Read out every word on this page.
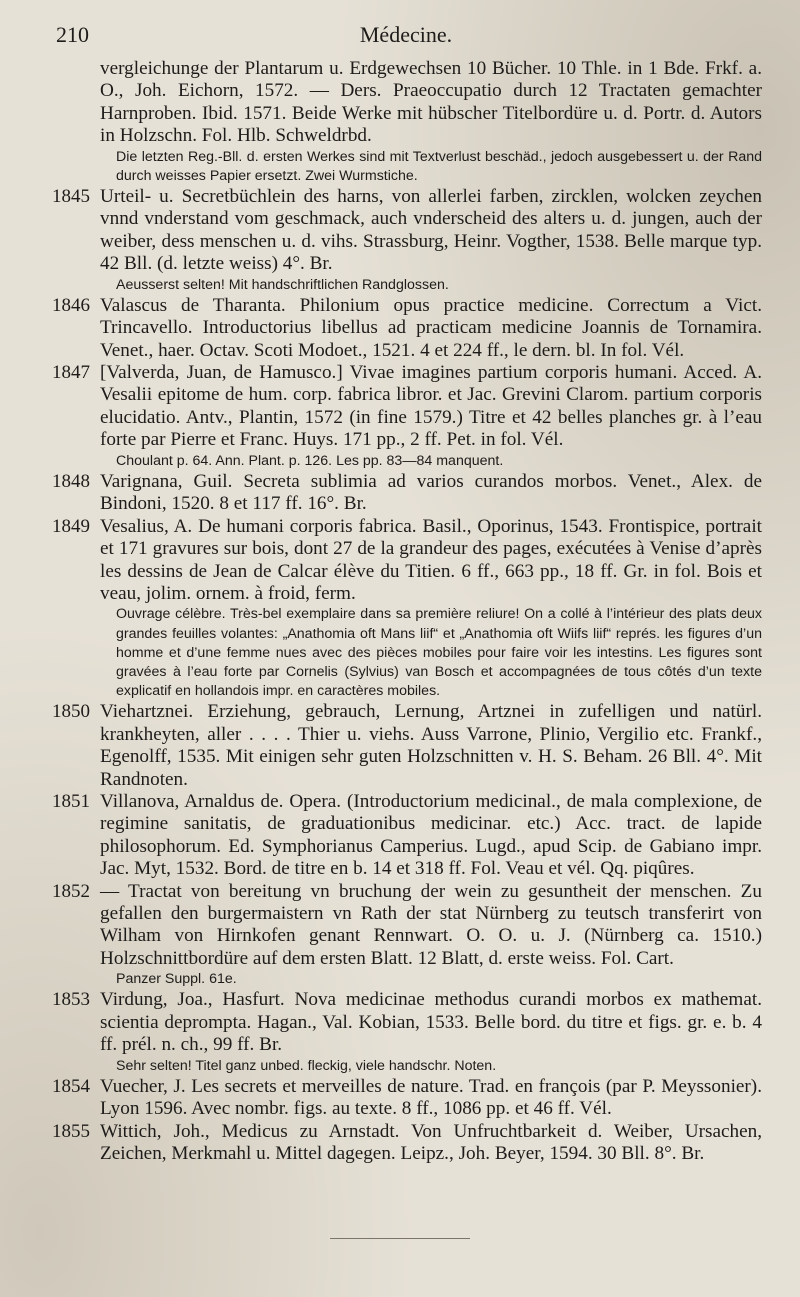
210	Médecine.
vergleichunge der Plantarum u. Erdgewechsen 10 Bücher. 10 Thle. in 1 Bde. Frkf. a. O., Joh. Eichorn, 1572. — Ders. Praeoccupatio durch 12 Tractaten gemachter Harnproben. Ibid. 1571. Beide Werke mit hübscher Titelbordüre u. d. Portr. d. Autors in Holzschn. Fol. Hlb. Schweldrbd.
Die letzten Reg.-Bll. d. ersten Werkes sind mit Textverlust beschäd., jedoch ausgebessert u. der Rand durch weisses Papier ersetzt. Zwei Wurmstiche.
1845 Urteil- u. Secretbüchlein des harns, von allerlei farben, zircklen, wolcken zeychen vnnd vnderstand vom geschmack, auch vnderscheid des alters u. d. jungen, auch der weiber, dess menschen u. d. vihs. Strassburg, Heinr. Vogther, 1538. Belle marque typ. 42 Bll. (d. letzte weiss) 4°. Br.
Aeusserst selten! Mit handschriftlichen Randglossen.
1846 Valascus de Tharanta. Philonium opus practice medicine. Correctum a Vict. Trincavello. Introductorius libellus ad practicam medicine Joannis de Tornamira. Venet., haer. Octav. Scoti Modoet., 1521. 4 et 224 ff., le dern. bl. In fol. Vél.
1847 [Valverda, Juan, de Hamusco.] Vivae imagines partium corporis humani. Acced. A. Vesalii epitome de hum. corp. fabrica libror. et Jac. Grevini Clarom. partium corporis elucidatio. Antv., Plantin, 1572 (in fine 1579.) Titre et 42 belles planches gr. à l’eau forte par Pierre et Franc. Huys. 171 pp., 2 ff. Pet. in fol. Vél.
Choulant p. 64. Ann. Plant. p. 126. Les pp. 83—84 manquent.
1848 Varignana, Guil. Secreta sublimia ad varios curandos morbos. Venet., Alex. de Bindoni, 1520. 8 et 117 ff. 16°. Br.
1849 Vesalius, A. De humani corporis fabrica. Basil., Oporinus, 1543. Frontispice, portrait et 171 gravures sur bois, dont 27 de la grandeur des pages, exécutées à Venise d’après les dessins de Jean de Calcar élève du Titien. 6 ff., 663 pp., 18 ff. Gr. in fol. Bois et veau, jolim. ornem. à froid, ferm.
Ouvrage célèbre. Très-bel exemplaire dans sa première reliure! On a collé à l’intérieur des plats deux grandes feuilles volantes: „Anathomia oft Mans liif“ et „Anathomia oft Wiifs liif“ représ. les figures d’un homme et d’une femme nues avec des pièces mobiles pour faire voir les intestins. Les figures sont gravées à l’eau forte par Cornelis (Sylvius) van Bosch et accompagnées de tous côtés d’un texte explicatif en hollandois impr. en caractères mobiles.
1850 Viehartznei. Erziehung, gebrauch, Lernung, Artznei in zufelligen und natürl. krankheyten, aller . . . . Thier u. viehs. Auss Varrone, Plinio, Vergilio etc. Frankf., Egenolff, 1535. Mit einigen sehr guten Holzschnitten v. H. S. Beham. 26 Bll. 4°. Mit Randnoten.
1851 Villanova, Arnaldus de. Opera. (Introductorium medicinal., de mala complexione, de regimine sanitatis, de graduationibus medicinar. etc.) Acc. tract. de lapide philosophorum. Ed. Symphorianus Camperius. Lugd., apud Scip. de Gabiano impr. Jac. Myt, 1532. Bord. de titre en b. 14 et 318 ff. Fol. Veau et vél. Qq. piqûres.
1852 — Tractat von bereitung vn bruchung der wein zu gesuntheit der menschen. Zu gefallen den burgermaistern vn Rath der stat Nürnberg zu teutsch transferirt von Wilham von Hirnkofen genant Rennwart. O. O. u. J. (Nürnberg ca. 1510.) Holzschnittbordüre auf dem ersten Blatt. 12 Blatt, d. erste weiss. Fol. Cart.
Panzer Suppl. 61e.
1853 Virdung, Joa., Hasfurt. Nova medicinae methodus curandi morbos ex mathemat. scientia deprompta. Hagan., Val. Kobian, 1533. Belle bord. du titre et figs. gr. e. b. 4 ff. prél. n. ch., 99 ff. Br.
Sehr selten! Titel ganz unbed. fleckig, viele handschr. Noten.
1854 Vuecher, J. Les secrets et merveilles de nature. Trad. en françois (par P. Meyssonier). Lyon 1596. Avec nombr. figs. au texte. 8 ff., 1086 pp. et 46 ff. Vél.
1855 Wittich, Joh., Medicus zu Arnstadt. Von Unfruchtbarkeit d. Weiber, Ursachen, Zeichen, Merkmahl u. Mittel dagegen. Leipz., Joh. Beyer, 1594. 30 Bll. 8°. Br.
